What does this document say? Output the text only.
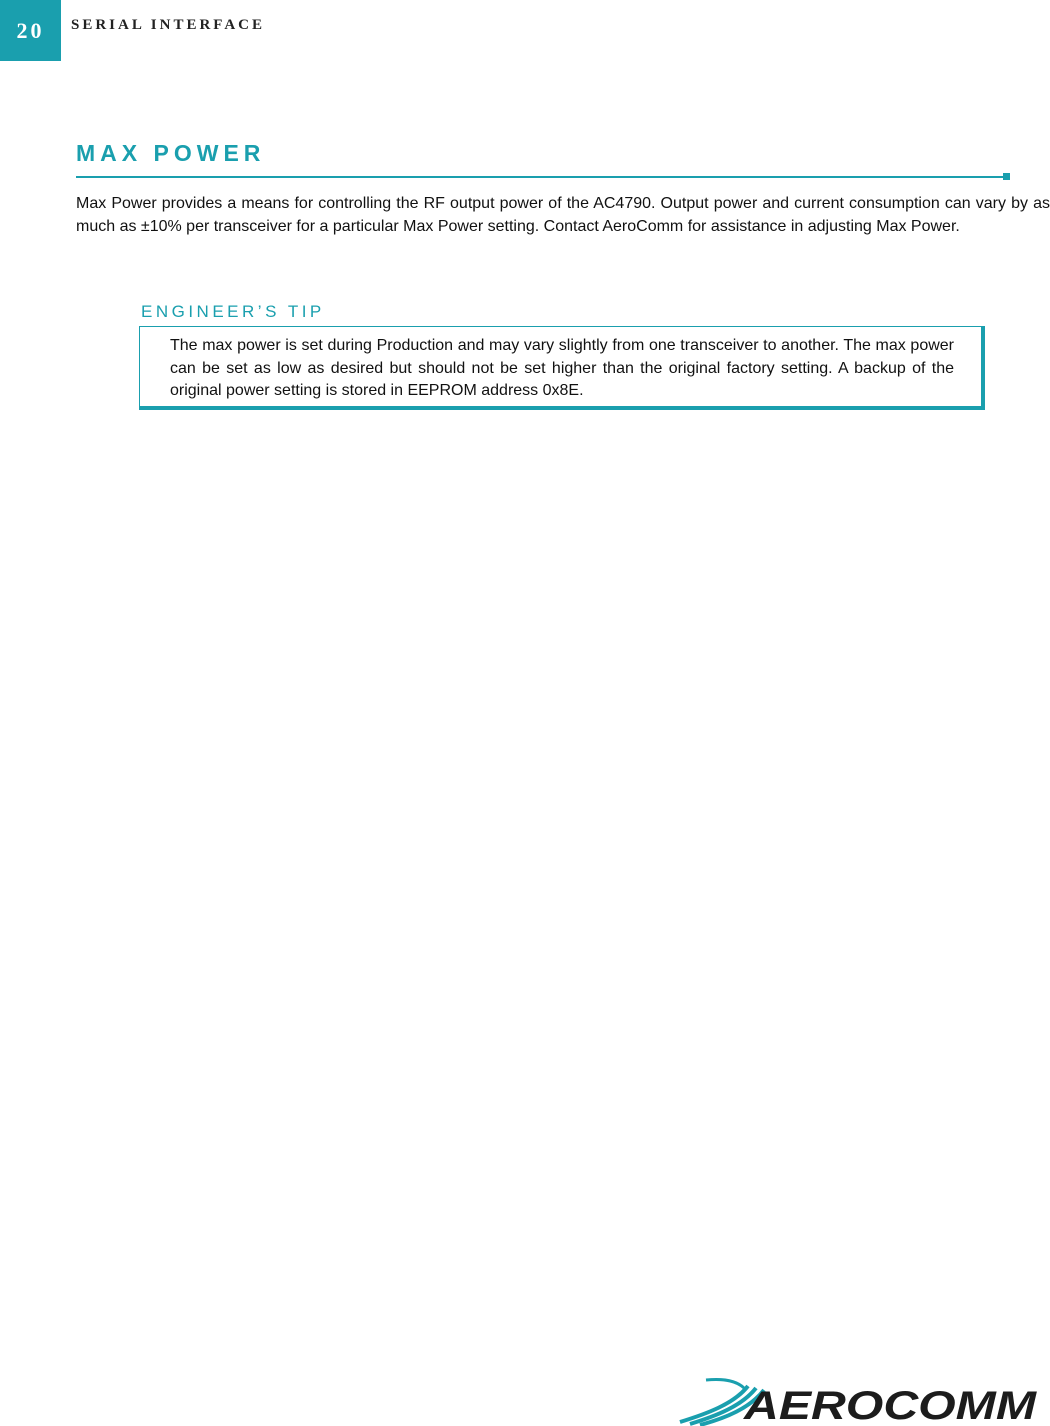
20 SERIAL INTERFACE
MAX POWER

Max Power provides a means for controlling the RF output power of the AC4790. Output power and current consumption can vary by as much as ±10% per transceiver for a particular Max Power setting. Contact AeroComm for assistance in adjusting Max Power.

ENGINEER’S TIP

The max power is set during Production and may vary slightly from one transceiver to another. The max power can be set as low as desired but should not be set higher than the original factory setting. A backup of the original power setting is stored in EEPROM address 0x8E.

AEROCOMM
